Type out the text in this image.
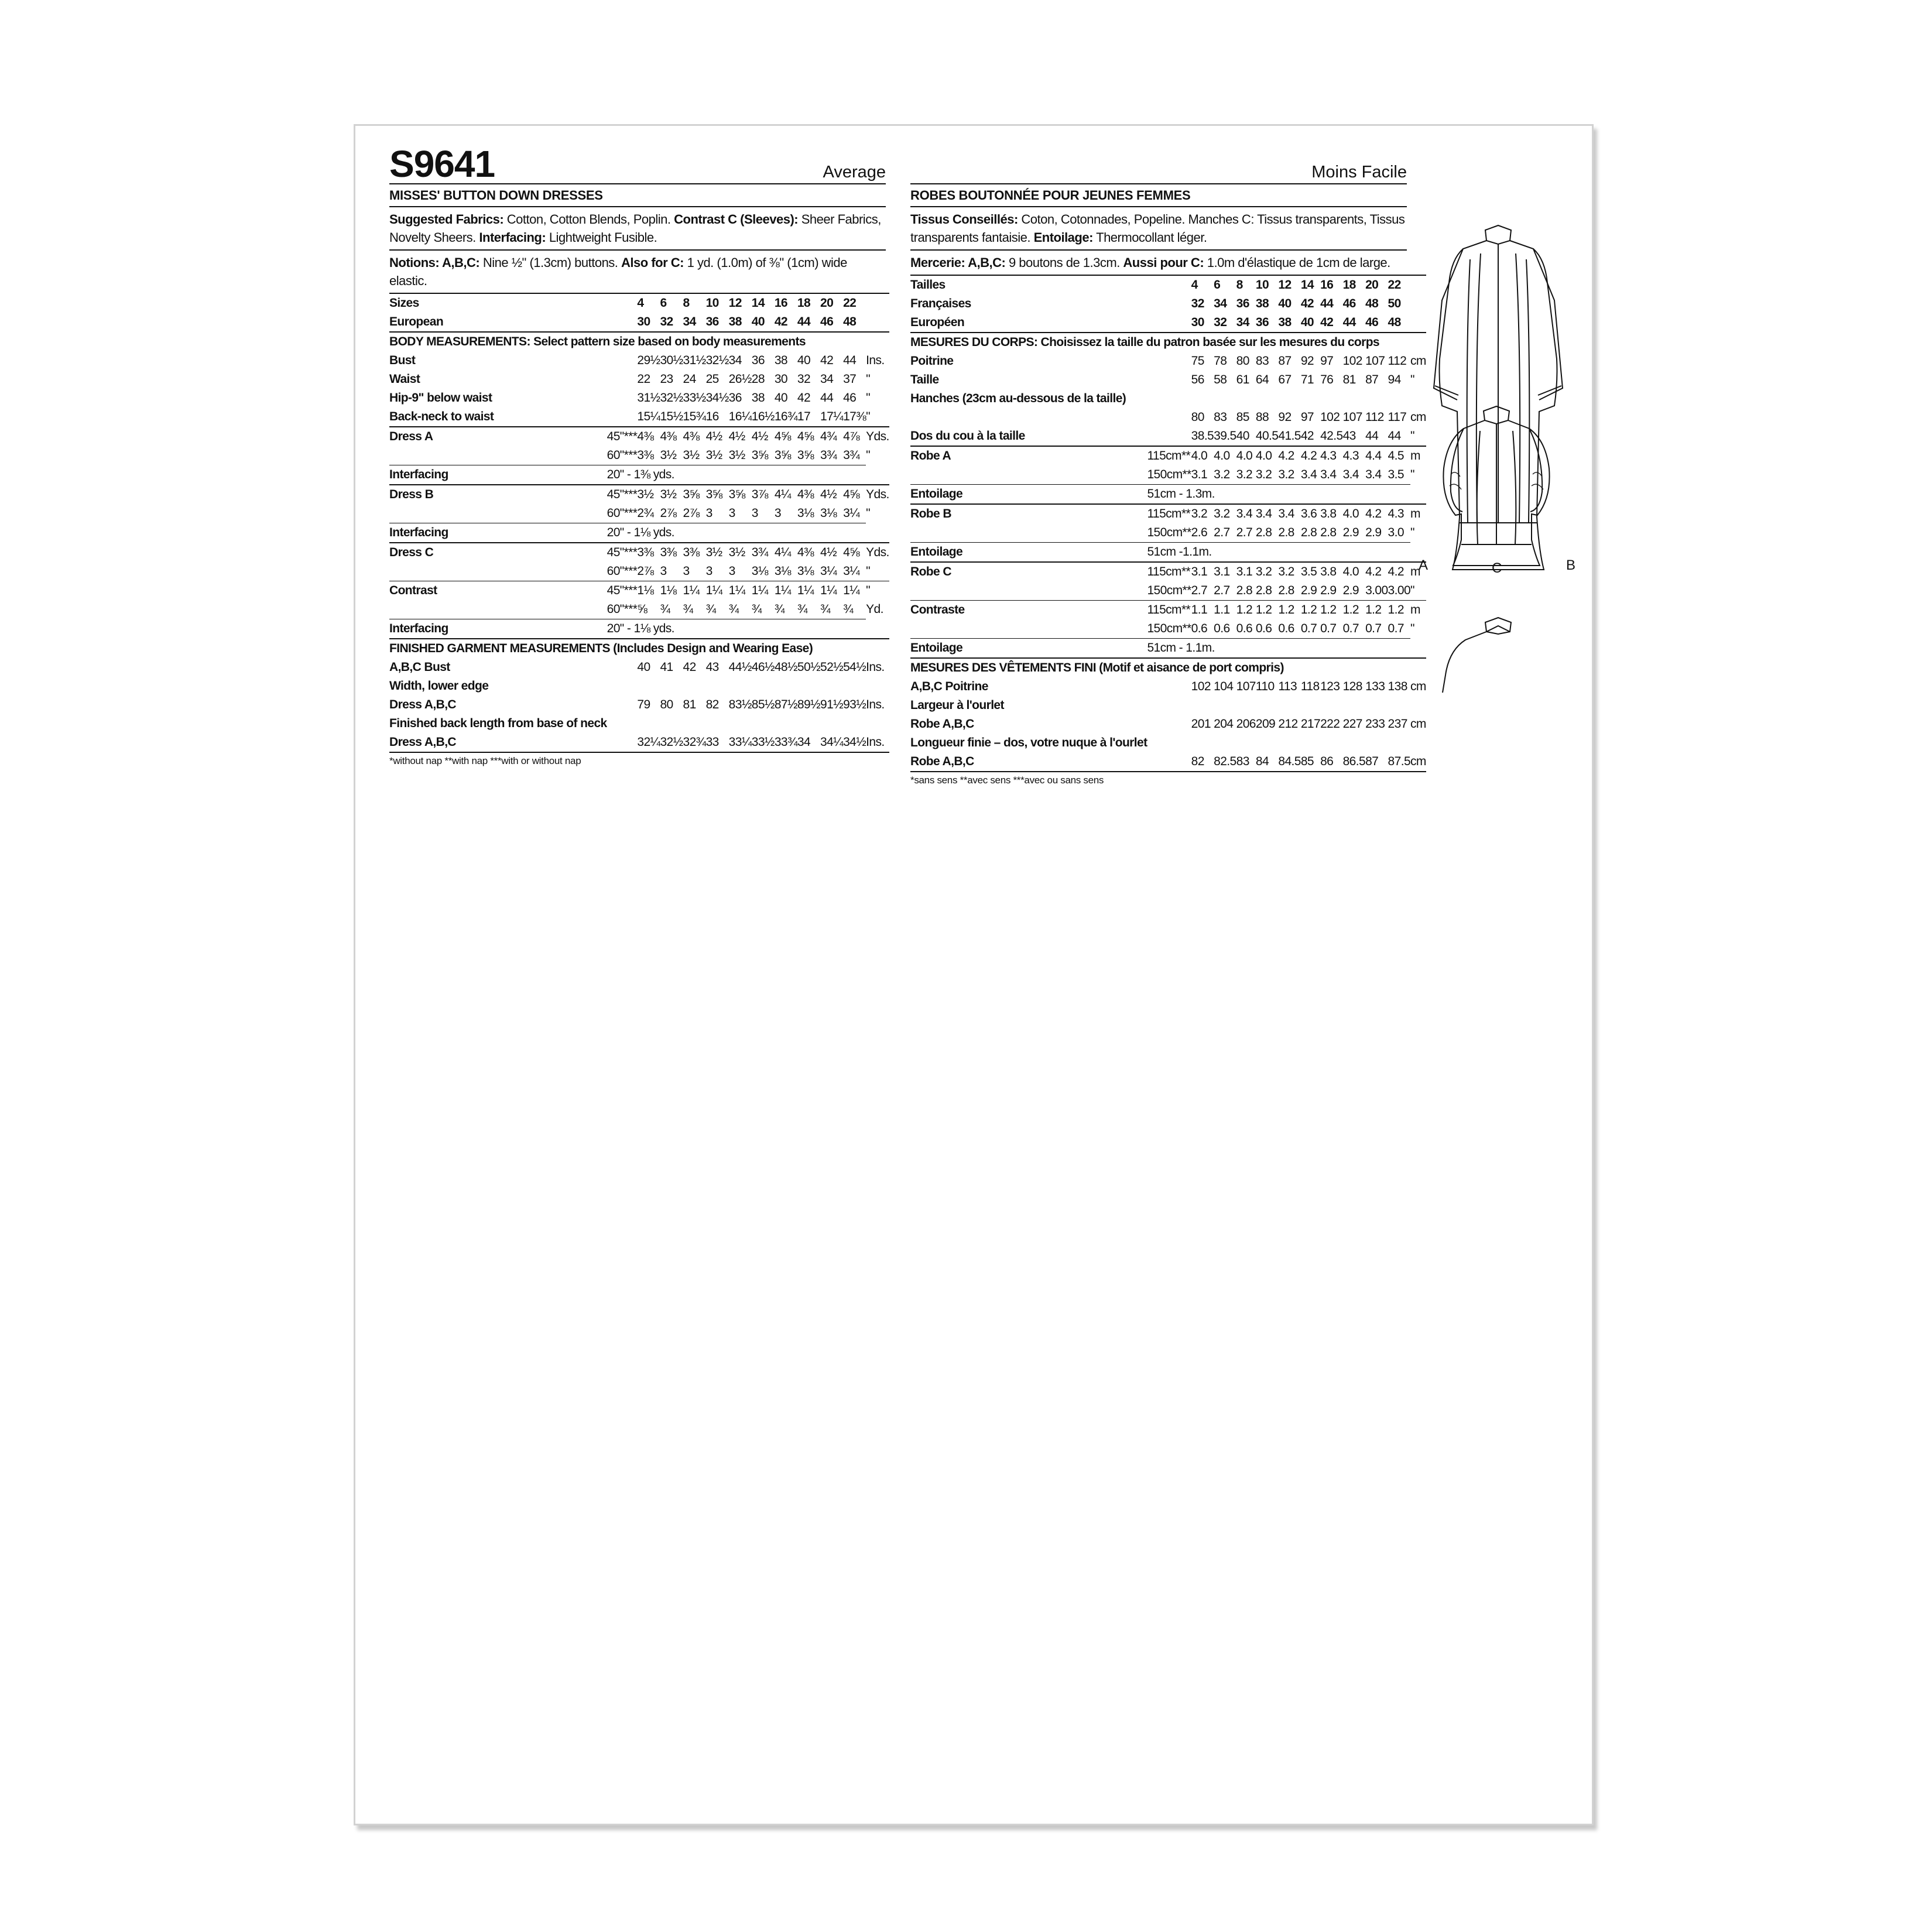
S9641	Average
MISSES' BUTTON DOWN DRESSES
Suggested Fabrics: Cotton, Cotton Blends, Poplin. Contrast C (Sleeves): Sheer Fabrics, Novelty Sheers. Interfacing: Lightweight Fusible.
Notions: A,B,C: Nine ½" (1.3cm) buttons. Also for C: 1 yd. (1.0m) of ⅜" (1cm) wide elastic.
Sizes		4	6	8	10	12	14	16	18	20	22	
European		30	32	34	36	38	40	42	44	46	48	
BODY MEASUREMENTS: Select pattern size based on body measurements												
Bust		29½	30½	31½	32½	34	36	38	40	42	44	Ins.
Waist		22	23	24	25	26½	28	30	32	34	37	"
Hip-9" below waist		31½	32½	33½	34½	36	38	40	42	44	46	"
Back-neck to waist		15¼	15½	15¾	16	16¼	16½	16¾	17	17¼	17⅜	"
Dress A	45"***	4⅜	4⅜	4⅜	4½	4½	4½	4⅝	4⅝	4¾	4⅞	Yds.
	60"***	3⅜	3½	3½	3½	3½	3⅝	3⅝	3⅝	3¾	3¾	"
Interfacing	20" - 1⅜ yds.											
Dress B	45"***	3½	3½	3⅝	3⅝	3⅝	3⅞	4¼	4⅜	4½	4⅝	Yds.
	60"***	2¾	2⅞	2⅞	3	3	3	3	3⅛	3⅛	3¼	"
Interfacing	20" - 1⅛ yds.											
Dress C	45"***	3⅜	3⅜	3⅜	3½	3½	3¾	4¼	4⅜	4½	4⅝	Yds.
	60"***	2⅞	3	3	3	3	3⅛	3⅛	3⅛	3¼	3¼	"
Contrast	45"***	1⅛	1⅛	1¼	1¼	1¼	1¼	1¼	1¼	1¼	1¼	"
	60"***	⅝	¾	¾	¾	¾	¾	¾	¾	¾	¾	Yd.
Interfacing	20" - 1⅛ yds.											
FINISHED GARMENT MEASUREMENTS (Includes Design and Wearing Ease)												
A,B,C Bust		40	41	42	43	44½	46½	48½	50½	52½	54½	Ins.
Width, lower edge												
Dress A,B,C		79	80	81	82	83½	85½	87½	89½	91½	93½	Ins.
Finished back length from base of neck												
Dress A,B,C		32¼	32½	32¾	33	33¼	33½	33¾	34	34¼	34½	Ins.
*without nap **with nap ***with or without nap
Moins Facile
ROBES BOUTONNÉE POUR JEUNES FEMMES
Tissus Conseillés: Coton, Cotonnades, Popeline. Manches C: Tissus transparents, Tissus transparents fantaisie. Entoilage: Thermocollant léger.
Mercerie: A,B,C: 9 boutons de 1.3cm. Aussi pour C: 1.0m d'élastique de 1cm de large.
Tailles		4	6	8	10	12	14	16	18	20	22	
Françaises		32	34	36	38	40	42	44	46	48	50	
Européen		30	32	34	36	38	40	42	44	46	48	
MESURES DU CORPS: Choisissez la taille du patron basée sur les mesures du corps												
Poitrine		75	78	80	83	87	92	97	102	107	112	cm
Taille		56	58	61	64	67	71	76	81	87	94	"
Hanches (23cm au-dessous de la taille)												
		80	83	85	88	92	97	102	107	112	117	cm
Dos du cou à la taille		38.5	39.5	40	40.5	41.5	42	42.5	43	44	44	"
Robe A	115cm**	4.0	4.0	4.0	4.0	4.2	4.2	4.3	4.3	4.4	4.5	m
	150cm**	3.1	3.2	3.2	3.2	3.2	3.4	3.4	3.4	3.4	3.5	"
Entoilage	51cm - 1.3m.											
Robe B	115cm**	3.2	3.2	3.4	3.4	3.4	3.6	3.8	4.0	4.2	4.3	m
	150cm**	2.6	2.7	2.7	2.8	2.8	2.8	2.8	2.9	2.9	3.0	"
Entoilage	51cm -1.1m.											
Robe C	115cm**	3.1	3.1	3.1	3.2	3.2	3.5	3.8	4.0	4.2	4.2	m
	150cm**	2.7	2.7	2.8	2.8	2.8	2.9	2.9	2.9	3.00	3.00	"
Contraste	115cm**	1.1	1.1	1.2	1.2	1.2	1.2	1.2	1.2	1.2	1.2	m
	150cm**	0.6	0.6	0.6	0.6	0.6	0.7	0.7	0.7	0.7	0.7	"
Entoilage	51cm - 1.1m.											
MESURES DES VÊTEMENTS FINI (Motif et aisance de port compris)												
A,B,C Poitrine		102	104	107	110	113	118	123	128	133	138	cm
Largeur à l'ourlet												
Robe A,B,C		201	204	206	209	212	217	222	227	233	237	cm
Longueur finie – dos, votre nuque à l'ourlet												
Robe A,B,C		82	82.5	83	84	84.5	85	86	86.5	87	87.5	cm
*sans sens **avec sens ***avec ou sans sens
A	B
C
